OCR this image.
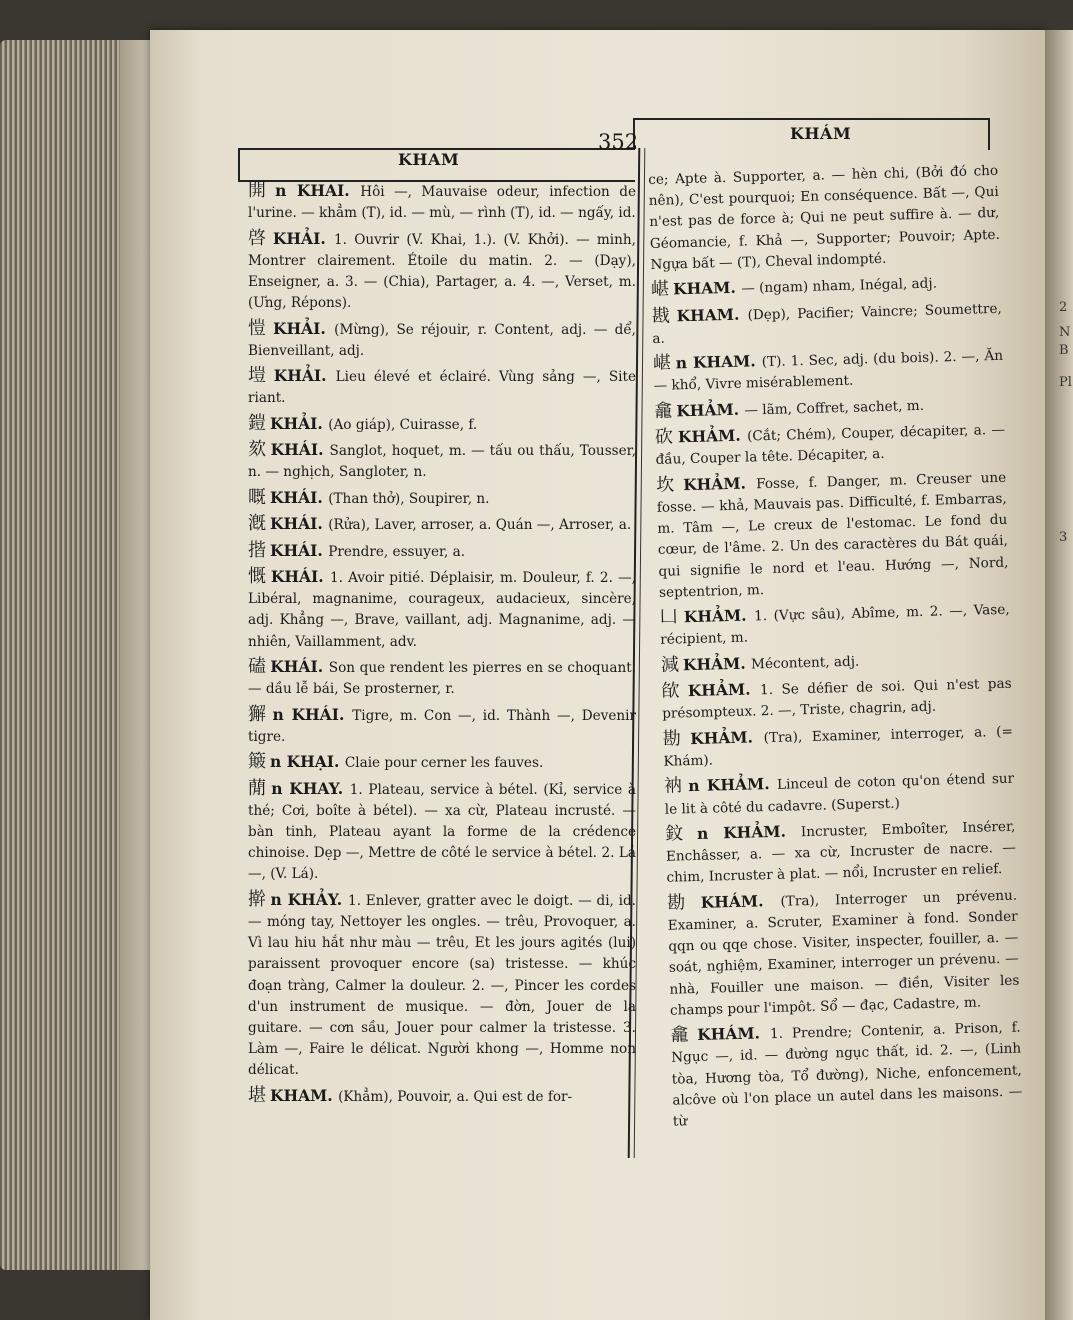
2
N
B
Pl
3
KHAM
352	KHÁM
開 n KHAI. Hôi —, Mauvaise odeur, infection de l'urine. — khẳm (T), id. — mù, — rình (T), id. — ngấy, id.
啓 KHẢI. 1. Ouvrir (V. Khai, 1.). (V. Khởi). — minh, Montrer clairement. Étoile du matin. 2. — (Dạy), Enseigner, a. 3. — (Chia), Partager, a. 4. —, Verset, m. (Ưng, Répons).
愷 KHẢI. (Mừng), Se réjouir, r. Content, adj. — dể, Bienveillant, adj.
塏 KHẢI. Lieu élevé et éclairé. Vùng sảng —, Site riant.
鎧 KHẢI. (Ao giáp), Cuirasse, f.
欬 KHÁI. Sanglot, hoquet, m. — tấu ou thấu, Tousser, n. — nghịch, Sangloter, n.
嘅 KHÁI. (Than thở), Soupirer, n.
漑 KHÁI. (Rửa), Laver, arroser, a. Quán —, Arroser, a.
揩 KHÁI. Prendre, essuyer, a.
慨 KHÁI. 1. Avoir pitié. Déplaisir, m. Douleur, f. 2. —, Libéral, magnanime, courageux, audacieux, sincère, adj. Khẳng —, Brave, vaillant, adj. Magnanime, adj. — nhiên, Vaillamment, adv.
磕 KHÁI. Son que rendent les pierres en se choquant. — dầu lễ bái, Se prosterner, r.
獬 n KHÁI. Tigre, m. Con —, id. Thành —, Devenir tigre.
簸 n KHẠI. Claie pour cerner les fauves.
蕑 n KHAY. 1. Plateau, service à bétel. (Kỉ, service à thé; Cơi, boîte à bétel). — xa cừ, Plateau incrusté. — bàn tinh, Plateau ayant la forme de la crédence chinoise. Dẹp —, Mettre de côté le service à bétel. 2. Lá —, (V. Lá).
擀 n KHẢY. 1. Enlever, gratter avec le doigt. — di, id. — móng tay, Nettoyer les ongles. — trêu, Provoquer, a. Vì lau hiu hắt như màu — trêu, Et les jours agités (lui) paraissent provoquer encore (sa) tristesse. — khúc đoạn tràng, Calmer la douleur. 2. —, Pincer les cordes d'un instrument de musique. — đờn, Jouer de la guitare. — cơn sầu, Jouer pour calmer la tristesse. 3. Làm —, Faire le délicat. Người khong —, Homme non délicat.
堪 KHAM. (Khẳm), Pouvoir, a. Qui est de for-
ce; Apte à. Supporter, a. — hèn chi, (Bởi đó cho nên), C'est pourquoi; En conséquence. Bất —, Qui n'est pas de force à; Qui ne peut suffire à. — dư, Géomancie, f. Khả —, Supporter; Pouvoir; Apte. Ngựa bất — (T), Cheval indompté.
嵁 KHAM. — (ngam) nham, Inégal, adj.
戡 KHAM. (Dẹp), Pacifier; Vaincre; Soumettre, a.
嵁 n KHAM. (T). 1. Sec, adj. (du bois). 2. —, Ăn — khổ, Vivre misérablement.
龕 KHẢM. — lãm, Coffret, sachet, m.
砍 KHẢM. (Cắt; Chém), Couper, décapiter, a. — đầu, Couper la tête. Décapiter, a.
坎 KHẢM. Fosse, f. Danger, m. Creuser une fosse. — khả, Mauvais pas. Difficulté, f. Embarras, m. Tâm —, Le creux de l'estomac. Le fond du cœur, de l'âme. 2. Un des caractères du Bát quái, qui signifie le nord et l'eau. Hướng —, Nord, septentrion, m.
凵 KHẢM. 1. (Vực sâu), Abîme, m. 2. —, Vase, récipient, m.
減 KHẢM. Mécontent, adj.
欿 KHẢM. 1. Se défier de soi. Qui n'est pas présompteux. 2. —, Triste, chagrin, adj.
勘 KHẢM. (Tra), Examiner, interroger, a. (= Khám).
衲 n KHẢM. Linceul de coton qu'on étend sur le lit à côté du cadavre. (Superst.)
鈫 n KHẢM. Incruster, Emboîter, Insérer, Enchâsser, a. — xa cừ, Incruster de nacre. — chim, Incruster à plat. — nổi, Incruster en relief.
勘 KHÁM. (Tra), Interroger un prévenu. Examiner, a. Scruter, Examiner à fond. Sonder qqn ou qqe chose. Visiter, inspecter, fouiller, a. — soát, nghiệm, Examiner, interroger un prévenu. — nhà, Fouiller une maison. — điền, Visiter les champs pour l'impôt. Sổ — đạc, Cadastre, m.
龕 KHÁM. 1. Prendre; Contenir, a. Prison, f. Ngục —, id. — đường ngục thất, id. 2. —, (Linh tòa, Hương tòa, Tổ đường), Niche, enfoncement, alcôve où l'on place un autel dans les maisons. — từ
